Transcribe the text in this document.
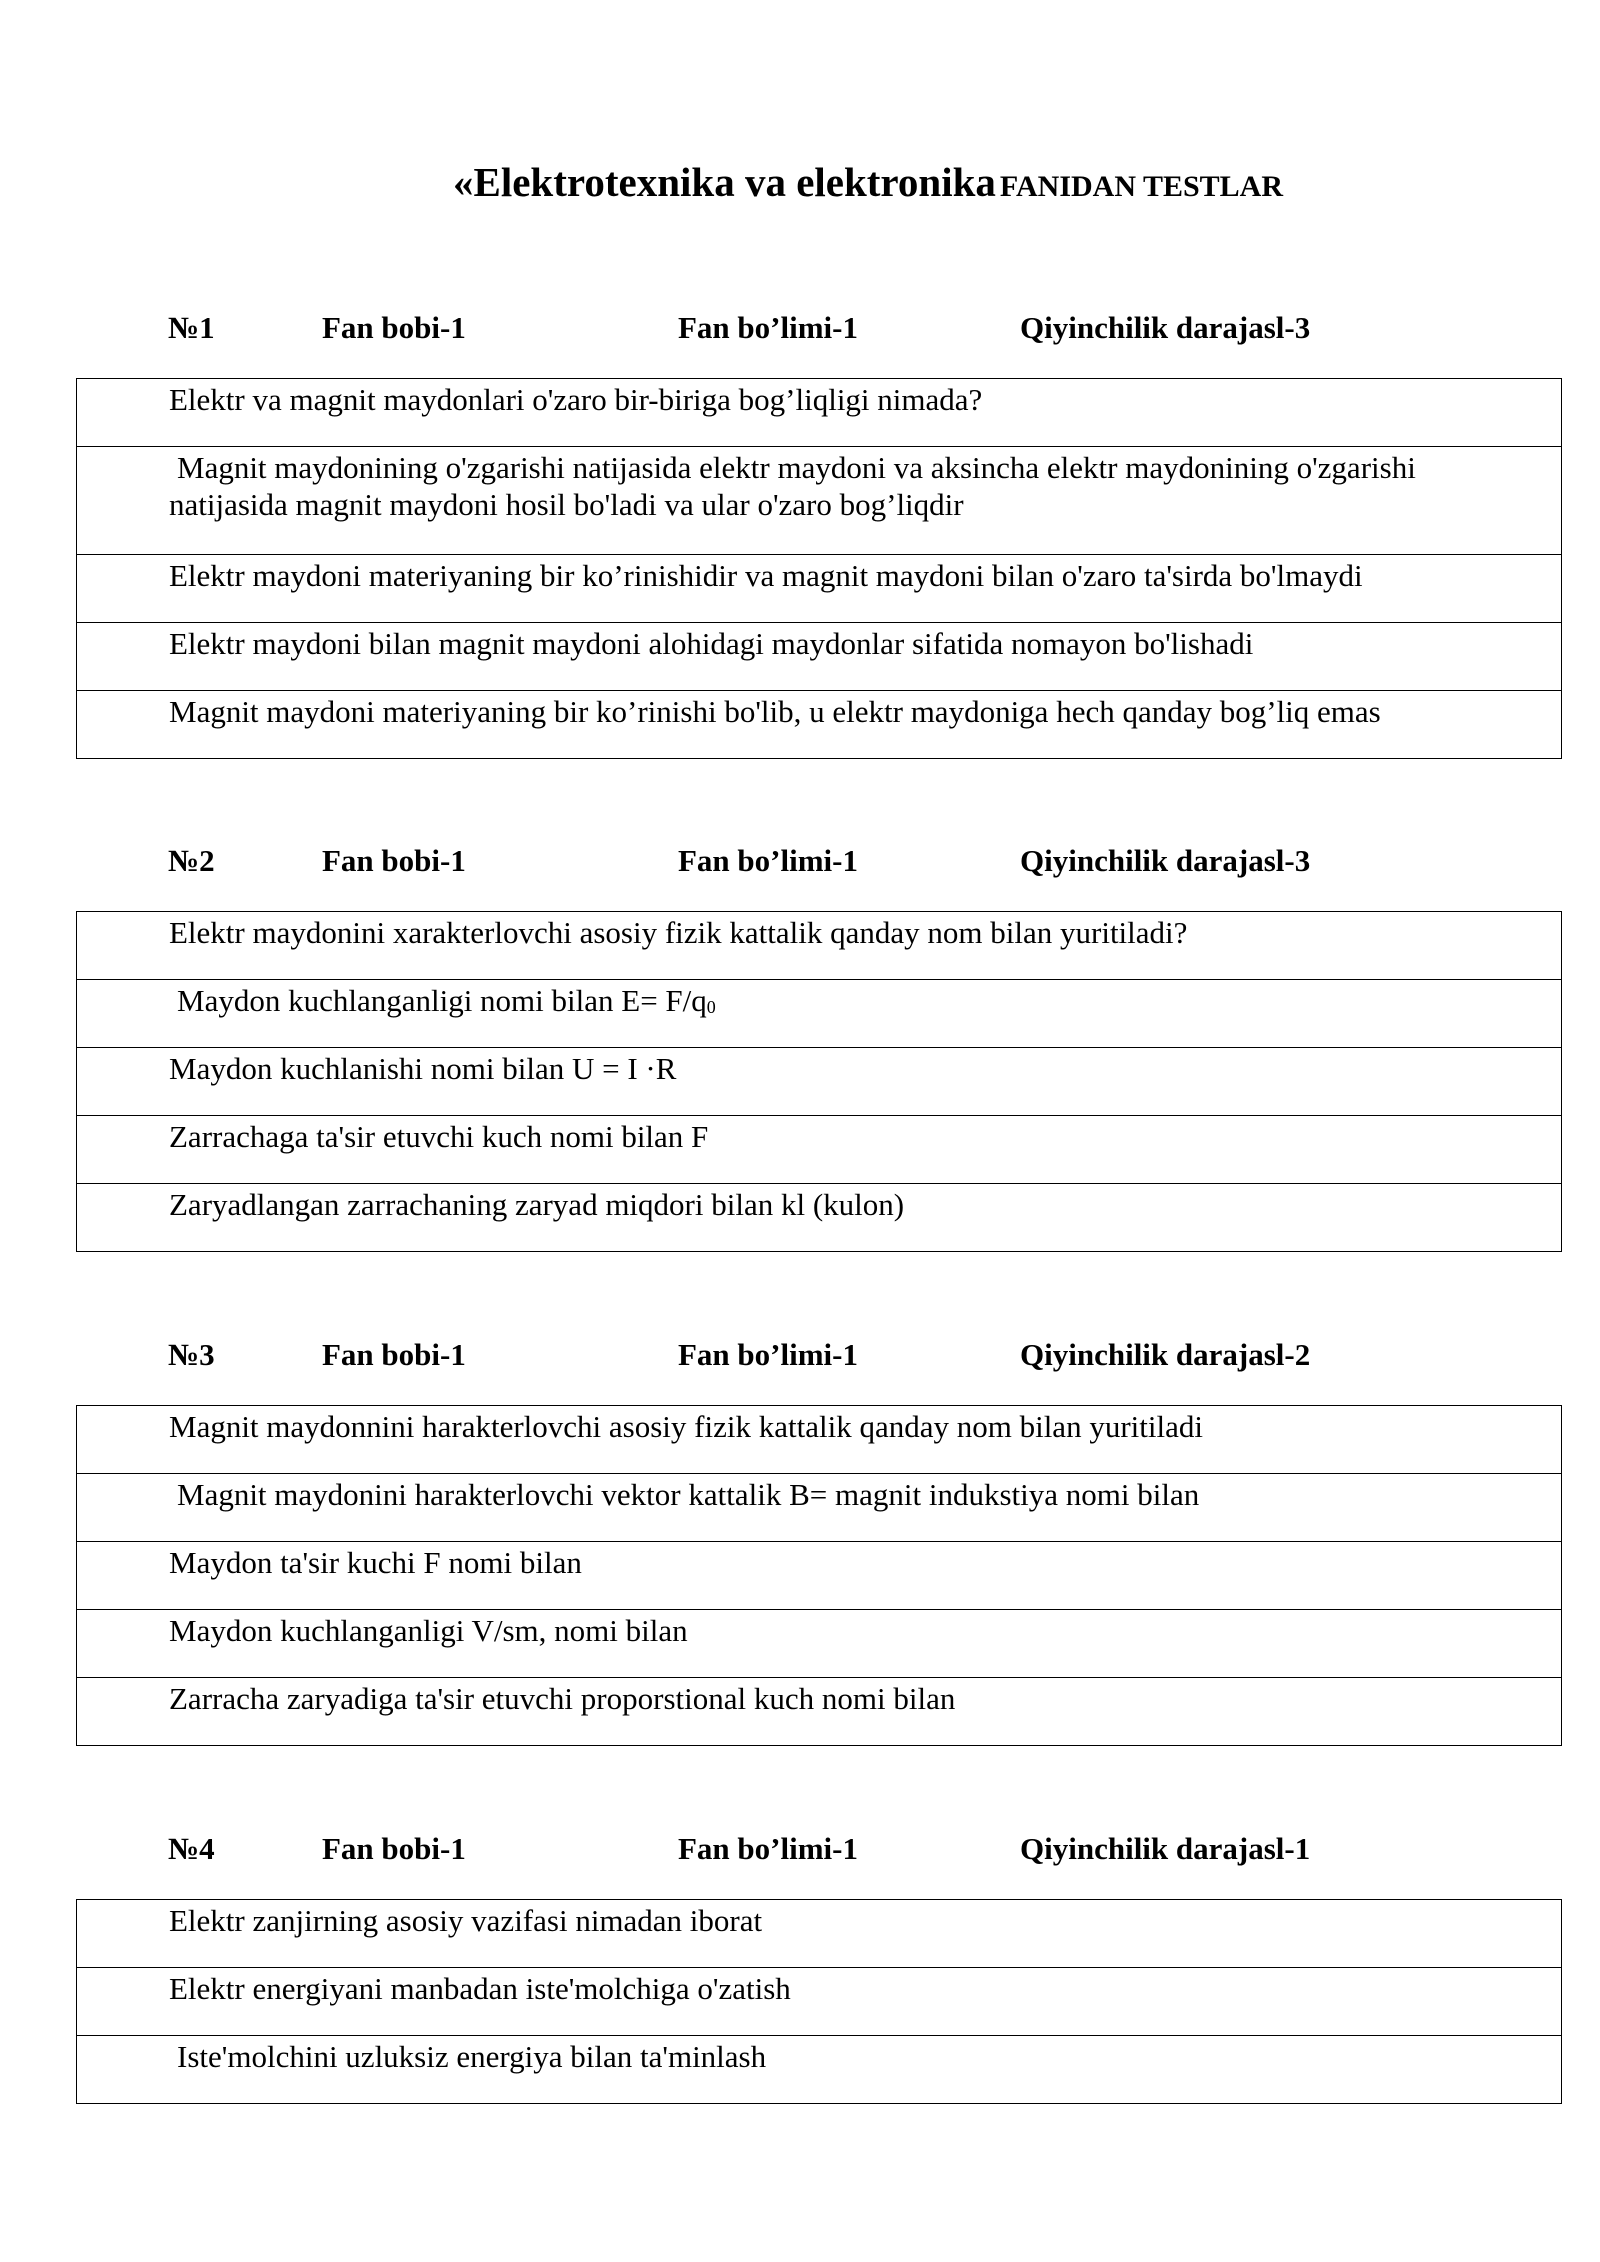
«Elektrotexnika va elektronika FANIDAN TESTLAR
№1	Fan bobi-1	Fan bo’limi-1	Qiyinchilik darajasl-3
Elektr va magnit maydonlari o'zaro bir-biriga bog’liqligi nimada?
Magnit maydonining o'zgarishi natijasida elektr maydoni va aksincha elektr maydonining o'zgarishi natijasida magnit maydoni hosil bo'ladi va ular o'zaro bog’liqdir
Elektr maydoni materiyaning bir ko’rinishidir va magnit maydoni bilan o'zaro ta'sirda bo'lmaydi
Elektr maydoni bilan magnit maydoni alohidagi maydonlar sifatida nomayon bo'lishadi
Magnit maydoni materiyaning bir ko’rinishi bo'lib, u elektr maydoniga hech qanday bog’liq emas
№2	Fan bobi-1	Fan bo’limi-1	Qiyinchilik darajasl-3
Elektr maydonini xarakterlovchi asosiy fizik kattalik qanday nom bilan yuritiladi?
Maydon kuchlanganligi nomi bilan $E= F/q_0$
Maydon kuchlanishi nomi bilan U = I ·R
Zarrachaga ta'sir etuvchi kuch nomi bilan F
Zaryadlangan zarrachaning zaryad miqdori bilan kl (kulon)
№3	Fan bobi-1	Fan bo’limi-1	Qiyinchilik darajasl-2
Magnit maydonnini harakterlovchi asosiy fizik kattalik qanday nom bilan yuritiladi
Magnit maydonini harakterlovchi vektor kattalik B= magnit indukstiya nomi bilan
Maydon ta'sir kuchi F nomi bilan
Maydon kuchlanganligi V/sm, nomi bilan
Zarracha zaryadiga ta'sir etuvchi proporstional kuch nomi bilan
№4	Fan bobi-1	Fan bo’limi-1	Qiyinchilik darajasl-1
Elektr zanjirning asosiy vazifasi nimadan iborat
Elektr energiyani manbadan iste'molchiga o'zatish
Iste'molchini uzluksiz energiya bilan ta'minlash
